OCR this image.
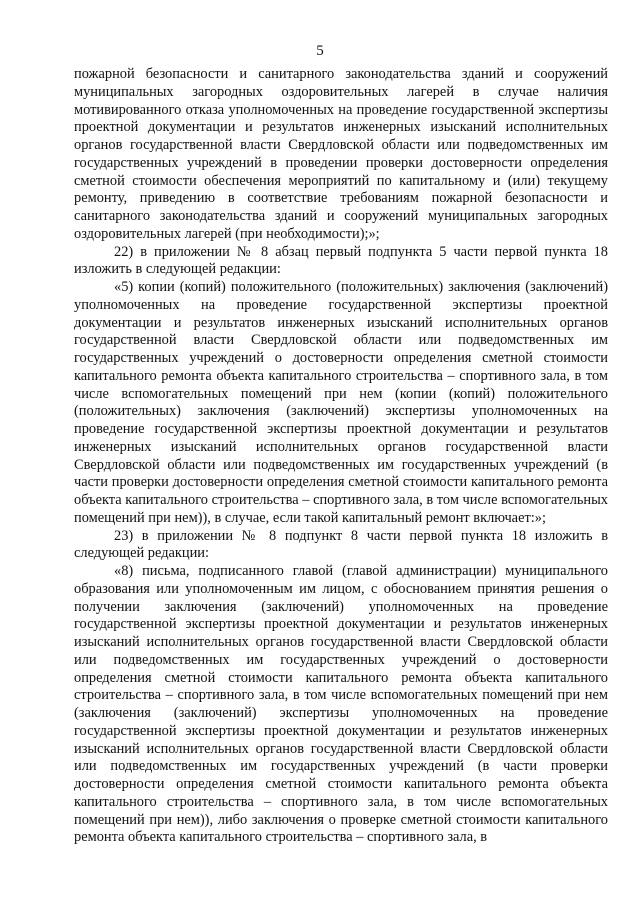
5

пожарной безопасности и санитарного законодательства зданий и сооружений муниципальных загородных оздоровительных лагерей в случае наличия мотивированного отказа уполномоченных на проведение государственной экспертизы проектной документации и результатов инженерных изысканий исполнительных органов государственной власти Свердловской области или подведомственных им государственных учреждений в проведении проверки достоверности определения сметной стоимости обеспечения мероприятий по капитальному и (или) текущему ремонту, приведению в соответствие требованиям пожарной безопасности и санитарного законодательства зданий и сооружений муниципальных загородных оздоровительных лагерей (при необходимости);»;

22) в приложении № 8 абзац первый подпункта 5 части первой пункта 18 изложить в следующей редакции:

«5) копии (копий) положительного (положительных) заключения (заключений) уполномоченных на проведение государственной экспертизы проектной документации и результатов инженерных изысканий исполнительных органов государственной власти Свердловской области или подведомственных им государственных учреждений о достоверности определения сметной стоимости капитального ремонта объекта капитального строительства – спортивного зала, в том числе вспомогательных помещений при нем (копии (копий) положительного (положительных) заключения (заключений) экспертизы уполномоченных на проведение государственной экспертизы проектной документации и результатов инженерных изысканий исполнительных органов государственной власти Свердловской области или подведомственных им государственных учреждений (в части проверки достоверности определения сметной стоимости капитального ремонта объекта капитального строительства – спортивного зала, в том числе вспомогательных помещений при нем)), в случае, если такой капитальный ремонт включает:»;

23) в приложении № 8 подпункт 8 части первой пункта 18 изложить в следующей редакции:

«8) письма, подписанного главой (главой администрации) муниципального образования или уполномоченным им лицом, с обоснованием принятия решения о получении заключения (заключений) уполномоченных на проведение государственной экспертизы проектной документации и результатов инженерных изысканий исполнительных органов государственной власти Свердловской области или подведомственных им государственных учреждений о достоверности определения сметной стоимости капитального ремонта объекта капитального строительства – спортивного зала, в том числе вспомогательных помещений при нем (заключения (заключений) экспертизы уполномоченных на проведение государственной экспертизы проектной документации и результатов инженерных изысканий исполнительных органов государственной власти Свердловской области или подведомственных им государственных учреждений (в части проверки достоверности определения сметной стоимости капитального ремонта объекта капитального строительства – спортивного зала, в том числе вспомогательных помещений при нем)), либо заключения о проверке сметной стоимости капитального ремонта объекта капитального строительства – спортивного зала, в
